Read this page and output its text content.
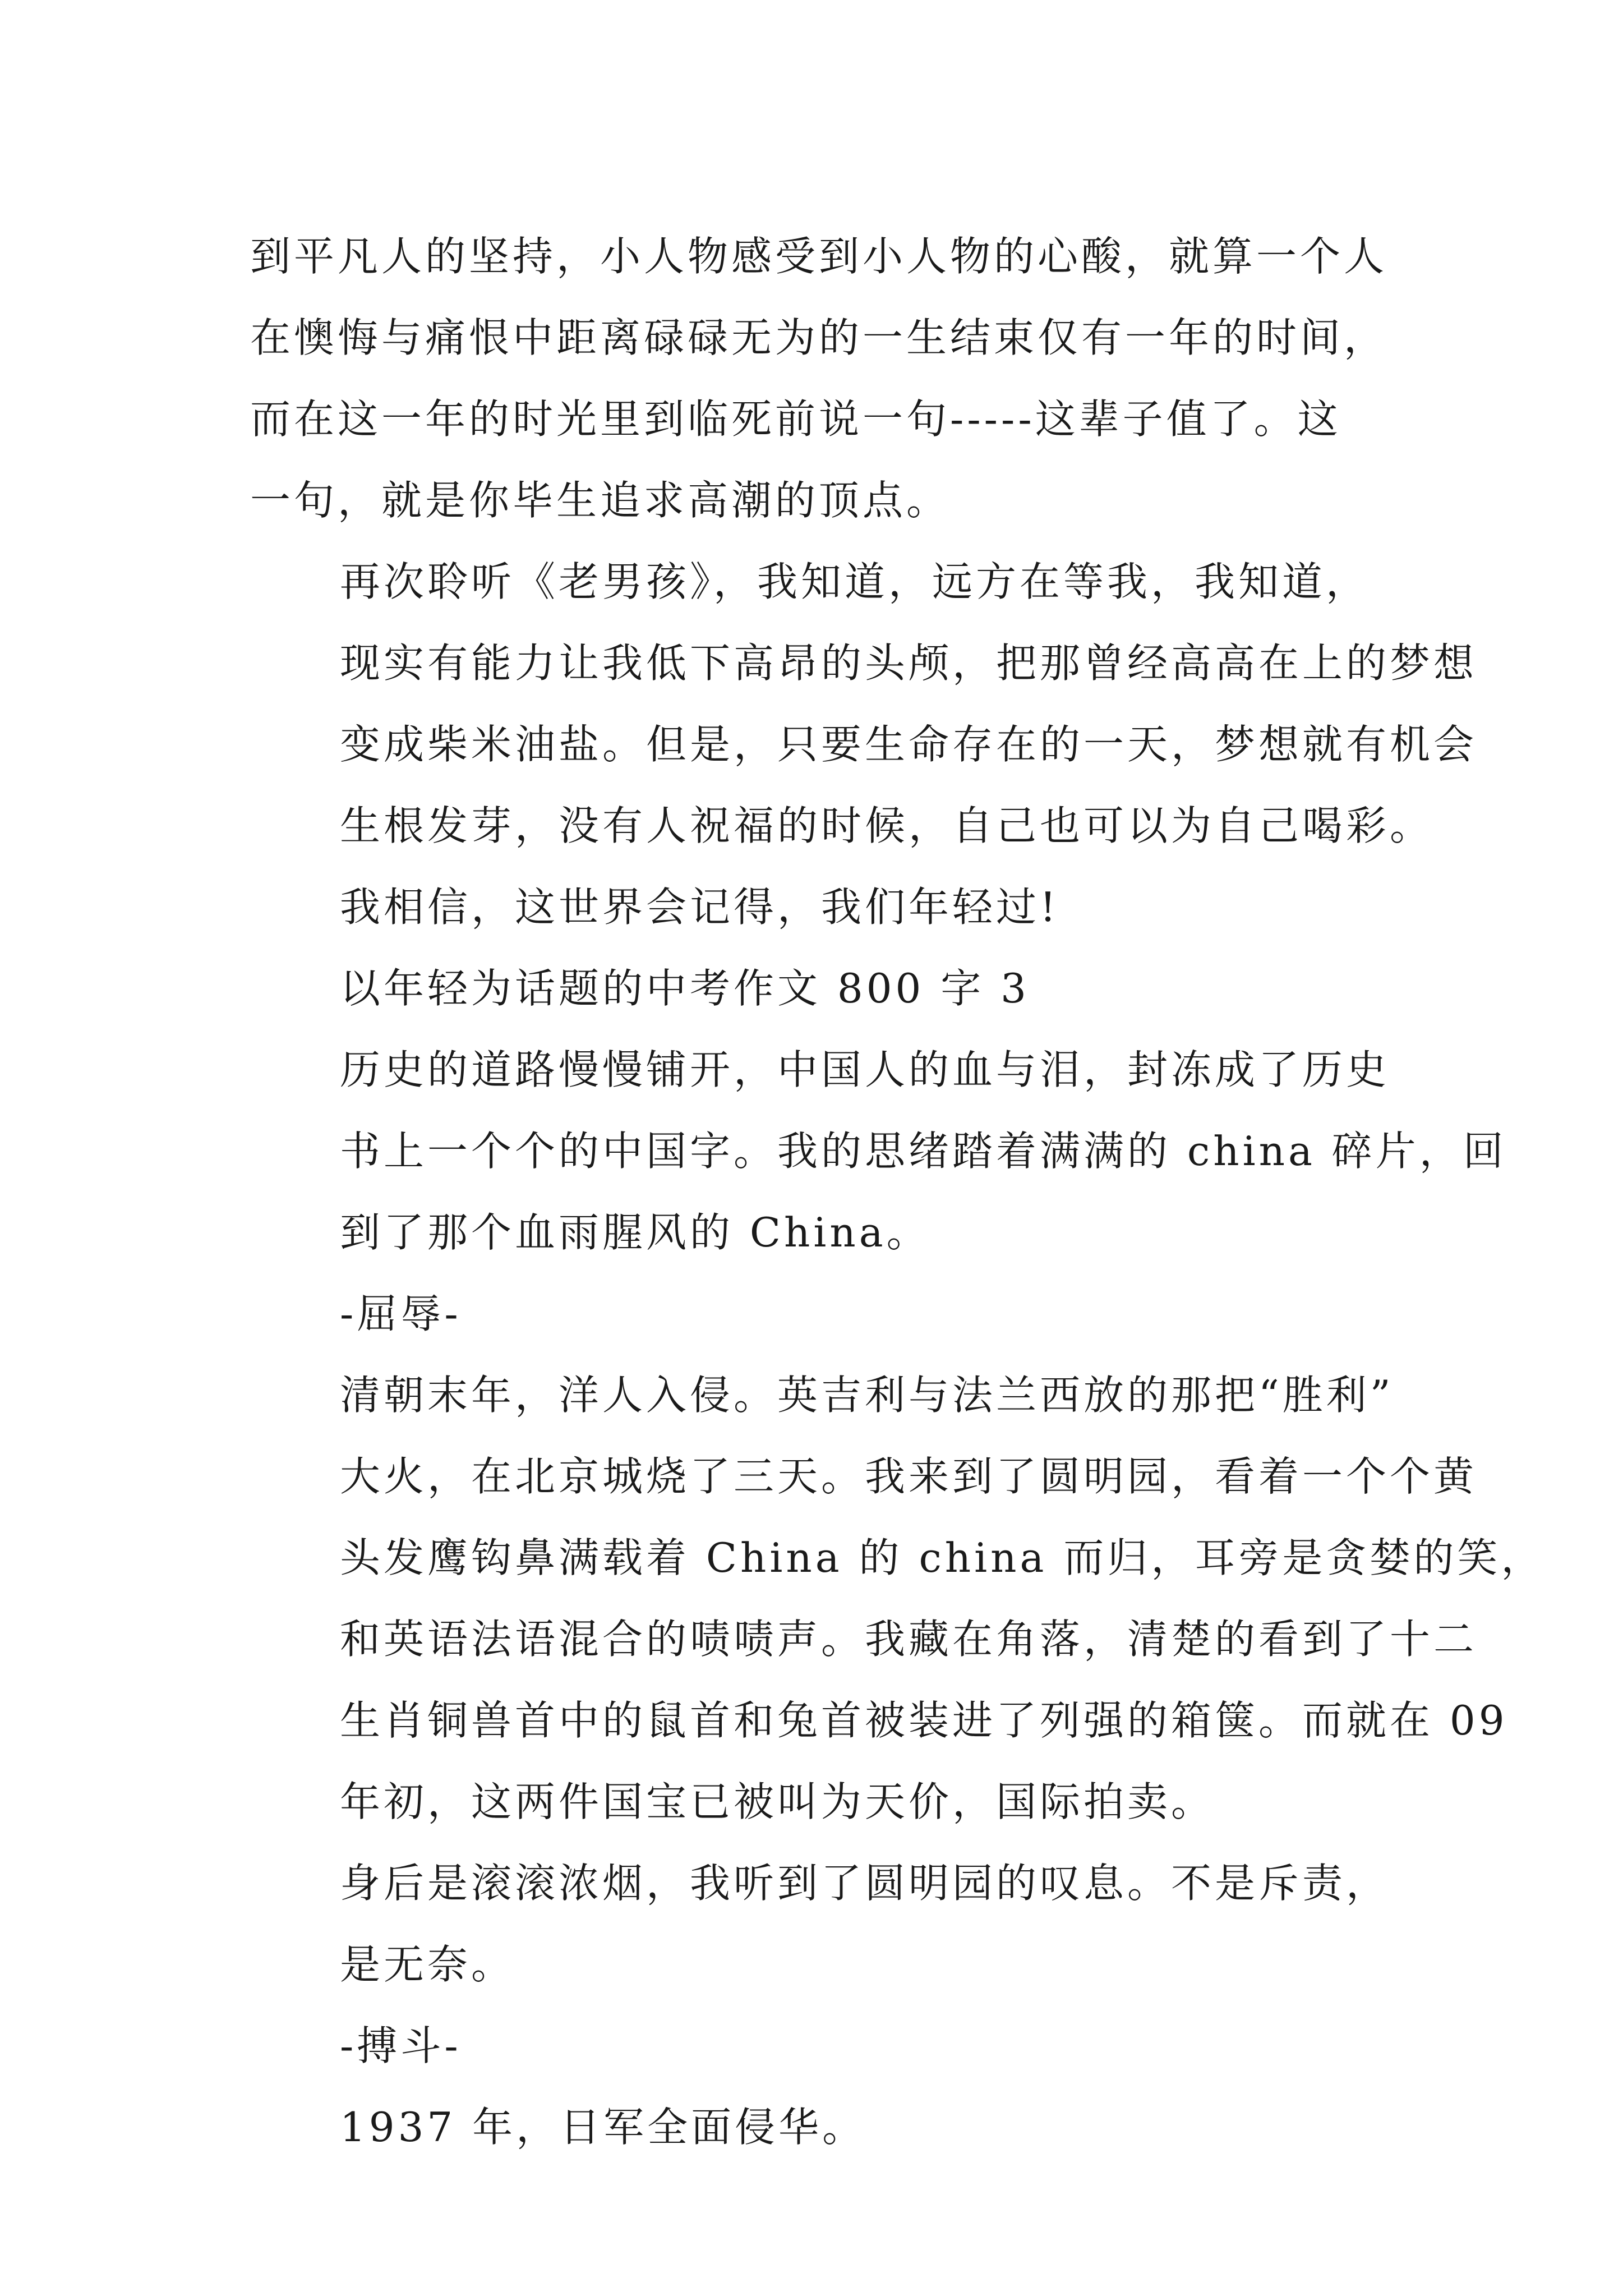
到平凡人的坚持，小人物感受到小人物的心酸，就算一个人
在懊悔与痛恨中距离碌碌无为的一生结束仅有一年的时间，
而在这一年的时光里到临死前说一句-----这辈子值了。这
一句，就是你毕生追求高潮的顶点。
再次聆听《老男孩》，我知道，远方在等我，我知道，
现实有能力让我低下高昂的头颅，把那曾经高高在上的梦想
变成柴米油盐。但是，只要生命存在的一天，梦想就有机会
生根发芽，没有人祝福的时候，自己也可以为自己喝彩。
我相信，这世界会记得，我们年轻过!
以年轻为话题的中考作文 800 字 3
历史的道路慢慢铺开，中国人的血与泪，封冻成了历史
书上一个个的中国字。我的思绪踏着满满的 china 碎片，回
到了那个血雨腥风的 China。
-屈辱-
清朝末年，洋人入侵。英吉利与法兰西放的那把“胜利”
大火，在北京城烧了三天。我来到了圆明园，看着一个个黄
头发鹰钩鼻满载着 China 的 china 而归，耳旁是贪婪的笑，
和英语法语混合的啧啧声。我藏在角落，清楚的看到了十二
生肖铜兽首中的鼠首和兔首被装进了列强的箱箧。而就在 09
年初，这两件国宝已被叫为天价，国际拍卖。
身后是滚滚浓烟，我听到了圆明园的叹息。不是斥责，
是无奈。
-搏斗-
1937 年，日军全面侵华。
